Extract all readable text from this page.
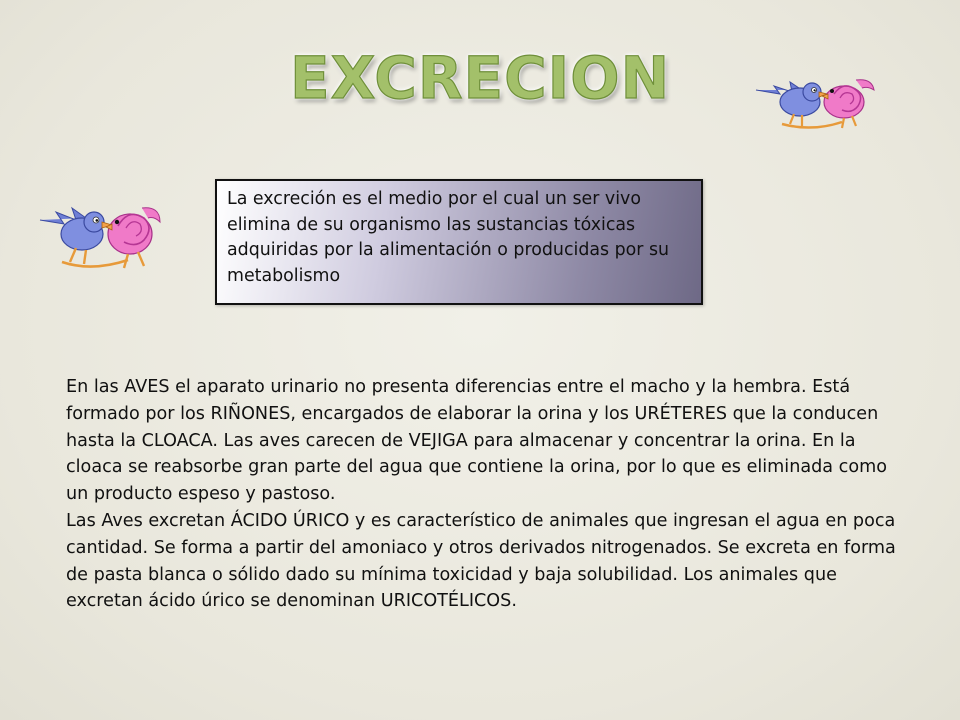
EXCRECION
La excreción es el medio por el cual un ser vivo elimina de su organismo las sustancias tóxicas adquiridas por la alimentación o producidas por su metabolismo

En las AVES el aparato urinario no presenta diferencias entre el macho y la hembra. Está formado por los RIÑONES, encargados de elaborar la orina y los URÉTERES que la conducen hasta la CLOACA. Las aves carecen de VEJIGA para almacenar y concentrar la orina. En la cloaca se reabsorbe gran parte del agua que contiene la orina, por lo que es eliminada como un producto espeso y pastoso.

Las Aves excretan ÁCIDO ÚRICO y es característico de animales que ingresan el agua en poca cantidad. Se forma a partir del amoniaco y otros derivados nitrogenados. Se excreta en forma de pasta blanca o sólido dado su mínima toxicidad y baja solubilidad. Los animales que excretan ácido úrico se denominan URICOTÉLICOS.
